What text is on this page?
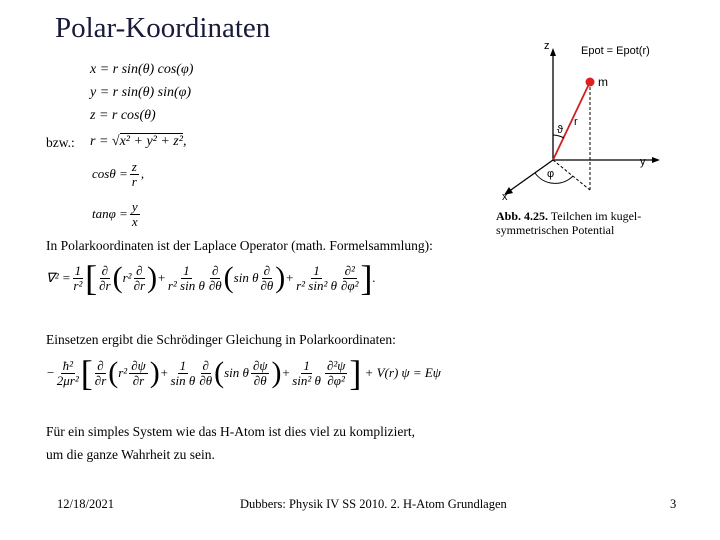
Polar-Koordinaten
x = r sin(θ) cos(φ)
y = r sin(θ) sin(φ)
z = r cos(θ)
bzw.: r = √x² + y² + z²,
$\cos\theta = \frac{z}{r}$ ,
$\tan\varphi = \frac{y}{x}$
In Polarkoordinaten ist der Laplace Operator (math. Formelsammlung):
$\nabla^2 = \frac{1}{\text{r²}}$ [ $\frac{\partial}{\partial r}$ ( $r^2 \frac{\partial}{\partial r}$ ) + $\frac{1}{\text{r² sin θ}} \frac{\partial}{\partial\theta}$ ( sin θ $\frac{\partial}{\partial\theta}$ ) + $\frac{1}{\text{r² sin² θ}} \frac{\text{∂²}}{\text{∂φ²}}$ ] .
Einsetzen ergibt die Schrödinger Gleichung in Polarkoordinaten:
− $\frac{\text{ħ²}}{\text{2μr²}}$ [ $\frac{\partial}{\partial r}$ ( $r^2 \frac{\partial\psi}{\partial r}$ ) + $\frac{1}{\text{sin θ}} \frac{\partial}{\partial\theta}$ ( sin θ $\frac{\partial\psi}{\partial\theta}$ ) + $\frac{1}{\text{sin² θ}} \frac{\text{∂²ψ}}{\text{∂φ²}}$ ]
+ V(r) ψ = Eψ
Für ein simples System wie das H-Atom ist dies viel zu kompliziert,
um die ganze Wahrheit zu sein.
z	Epot = Epot(r)
m
r
ϑ
y
φ
x
Abb. 4.25. Teilchen im kugel-
symmetrischen Potential
12/18/2021	Dubbers: Physik IV SS 2010. 2. H-Atom Grundlagen	3
